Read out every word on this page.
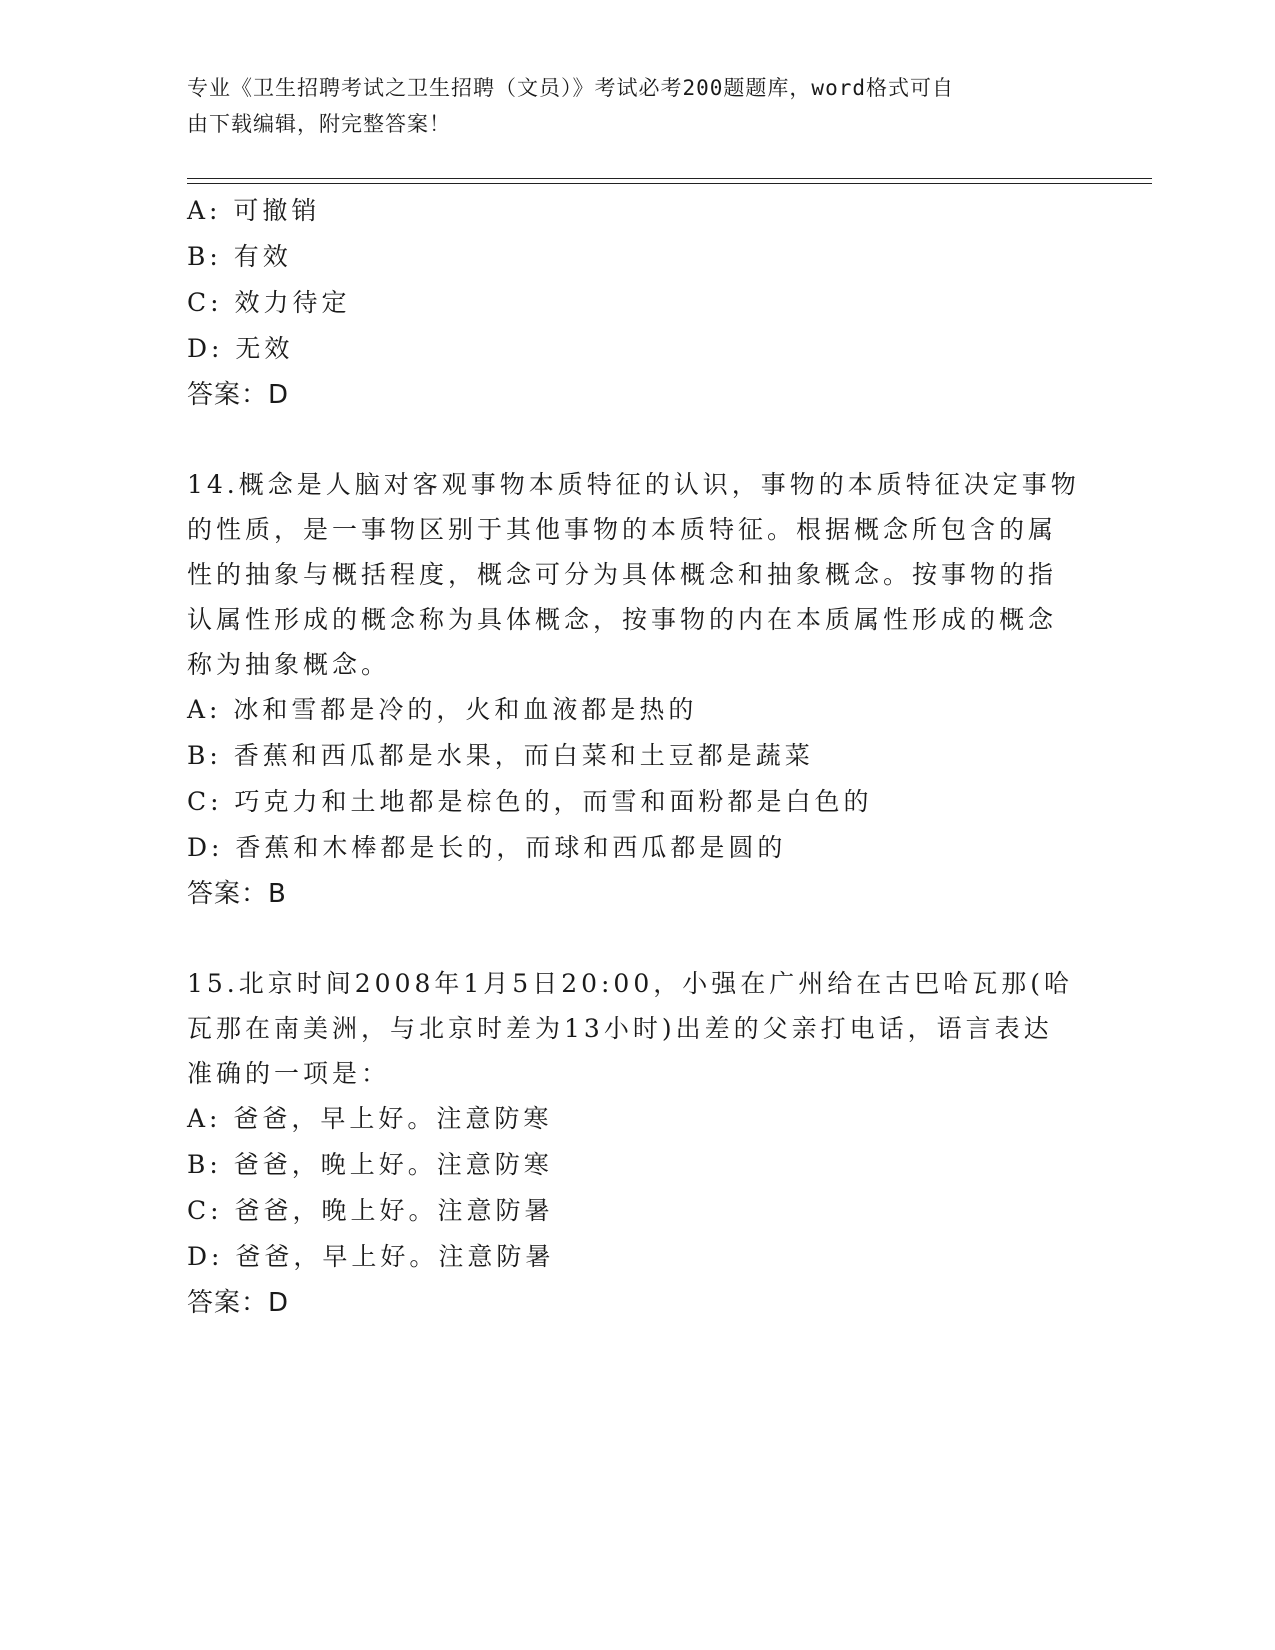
专业《卫生招聘考试之卫生招聘（文员）》考试必考200题题库，word格式可自
由下载编辑，附完整答案！
A: 可撤销
B: 有效
C: 效力待定
D: 无效
答案：D
14.概念是人脑对客观事物本质特征的认识，事物的本质特征决定事物
的性质，是一事物区别于其他事物的本质特征。根据概念所包含的属
性的抽象与概括程度，概念可分为具体概念和抽象概念。按事物的指
认属性形成的概念称为具体概念，按事物的内在本质属性形成的概念
称为抽象概念。
A: 冰和雪都是冷的，火和血液都是热的
B: 香蕉和西瓜都是水果，而白菜和土豆都是蔬菜
C: 巧克力和土地都是棕色的，而雪和面粉都是白色的
D: 香蕉和木棒都是长的，而球和西瓜都是圆的
答案：B
15.北京时间2008年1月5日20:00，小强在广州给在古巴哈瓦那(哈
瓦那在南美洲，与北京时差为13小时)出差的父亲打电话，语言表达
准确的一项是：
A: 爸爸，早上好。注意防寒
B: 爸爸，晚上好。注意防寒
C: 爸爸，晚上好。注意防暑
D: 爸爸，早上好。注意防暑
答案：D
